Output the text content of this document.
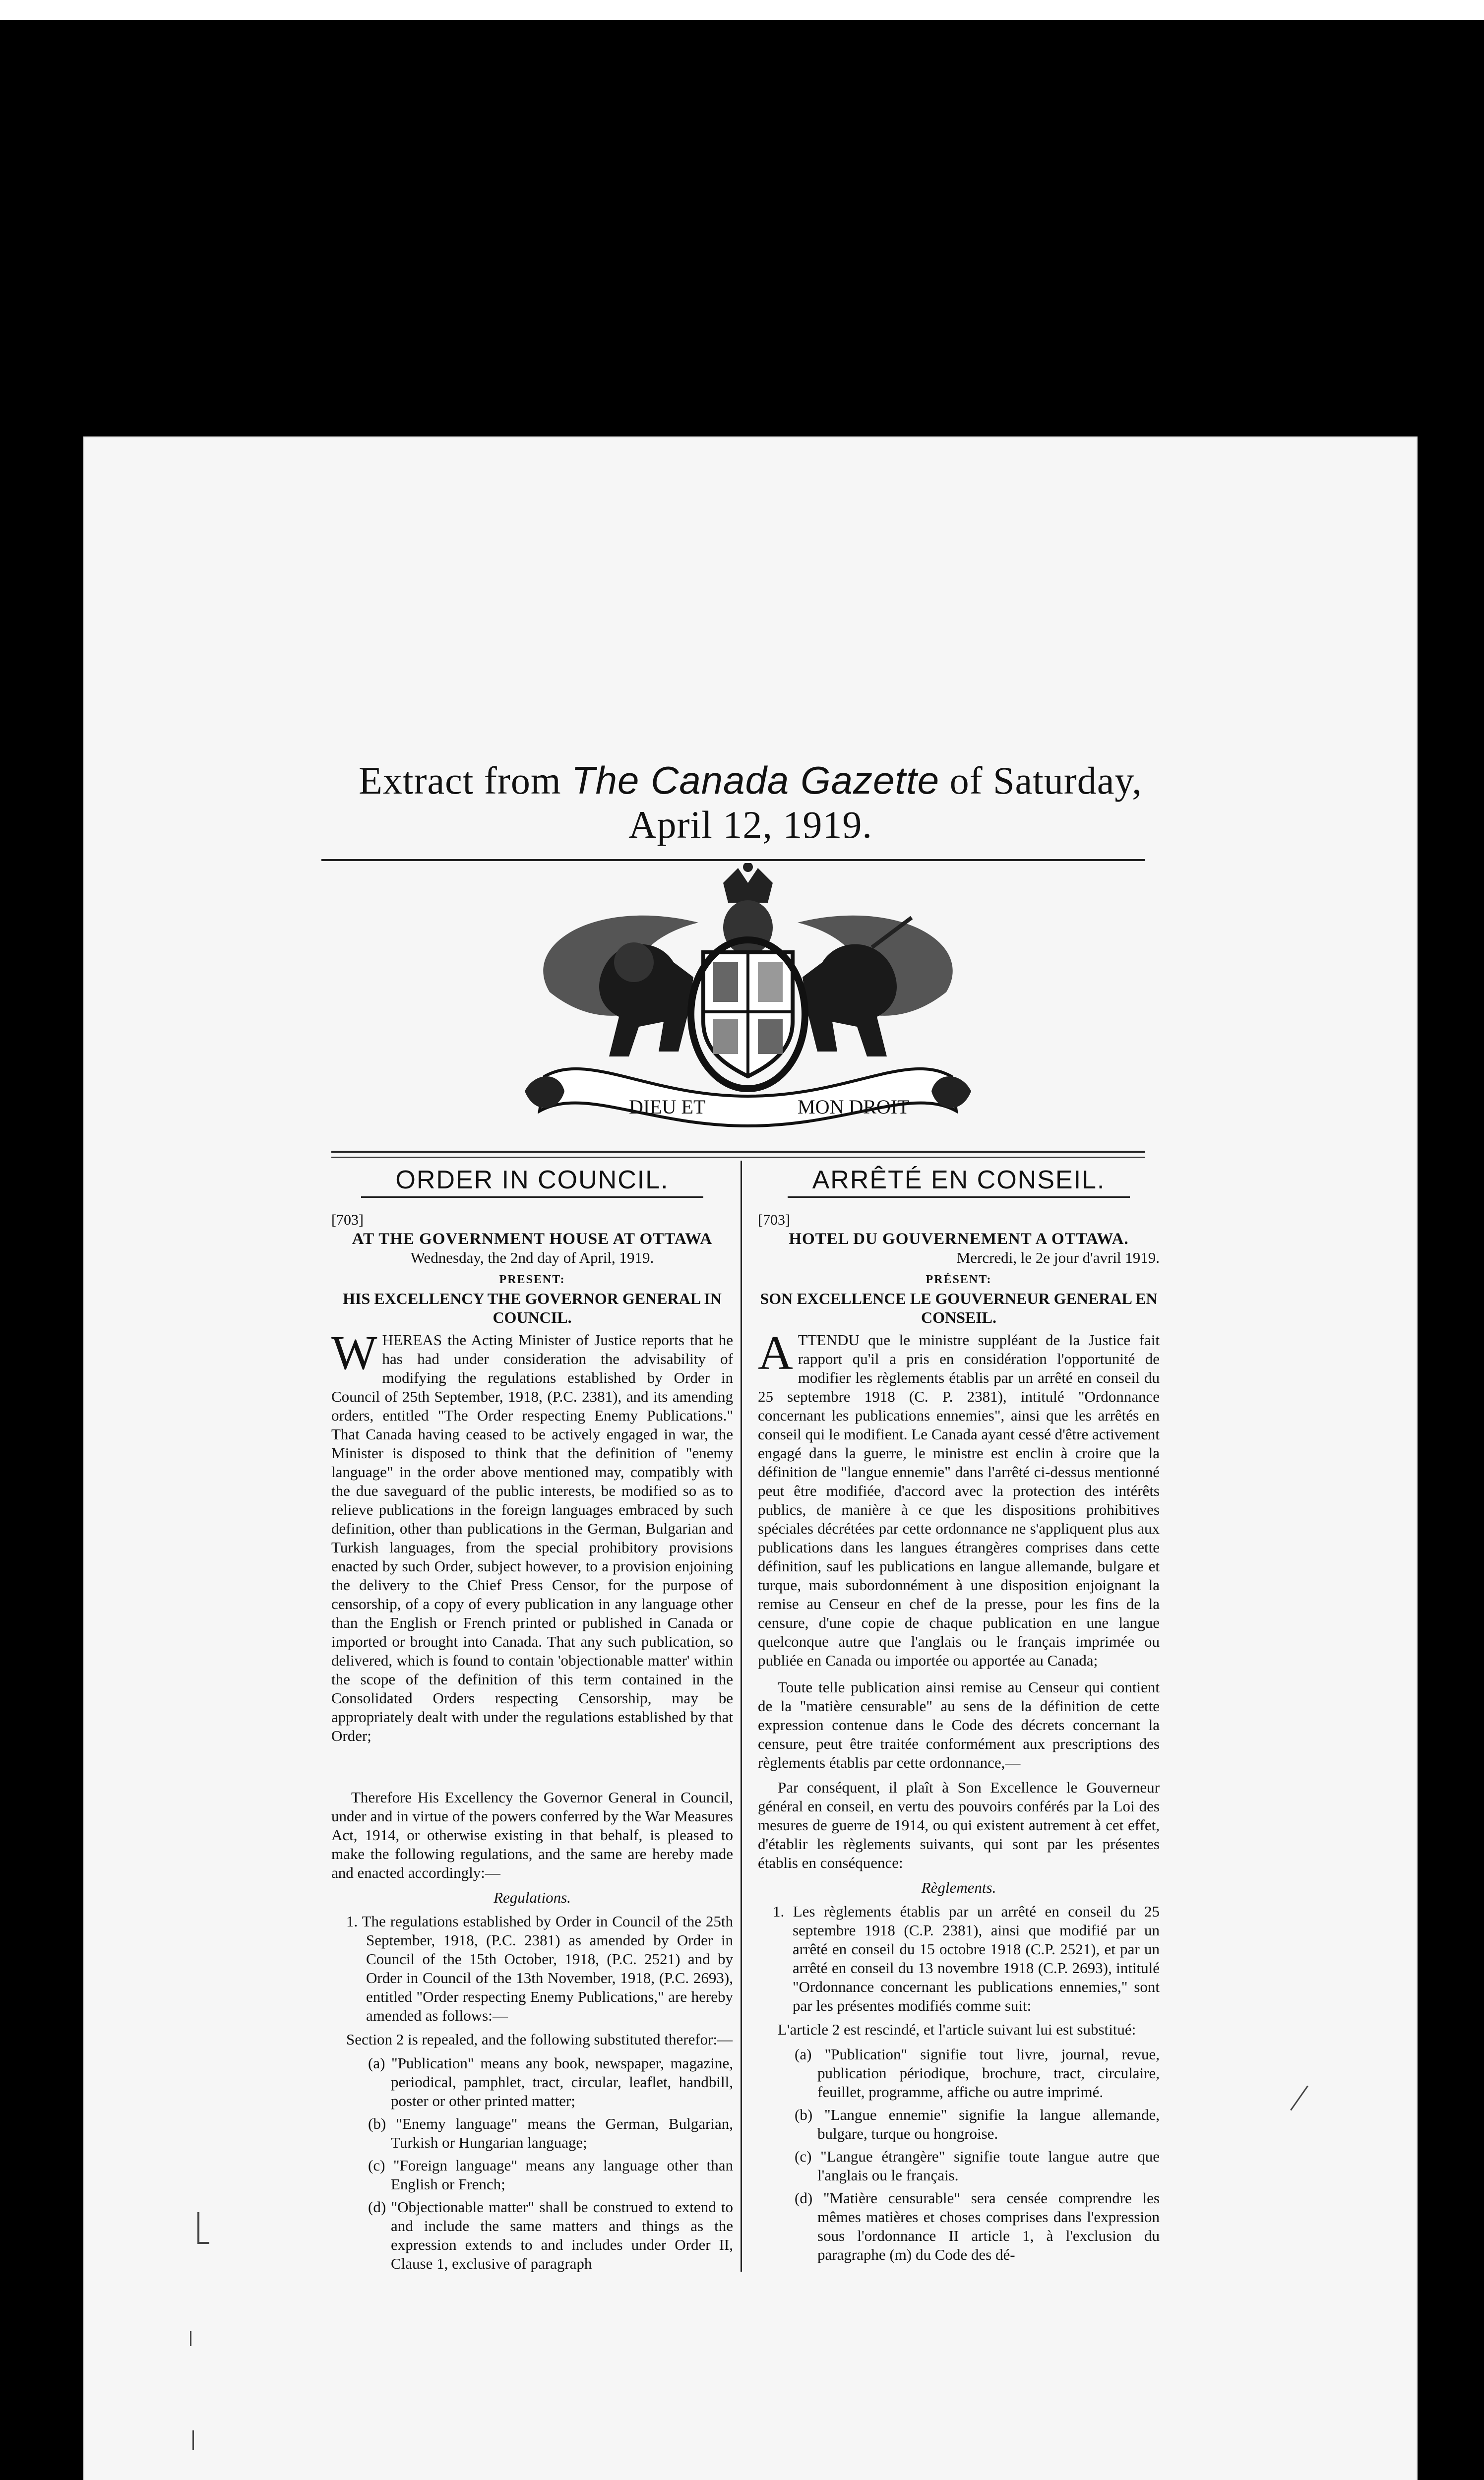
Extract from The Canada Gazette of Saturday,
April 12, 1919.
DIEU ET	MON DROIT
ORDER IN COUNCIL.

[703]

AT THE GOVERNMENT HOUSE AT OTTAWA

Wednesday, the 2nd day of April, 1919.

PRESENT:

HIS EXCELLENCY THE GOVERNOR GENERAL IN COUNCIL.

WHEREAS the Acting Minister of Justice reports that he has had under consideration the advisability of modifying the regulations established by Order in Council of 25th September, 1918, (P.C. 2381), and its amending orders, entitled "The Order respecting Enemy Publications." That Canada having ceased to be actively engaged in war, the Minister is disposed to think that the definition of "enemy language" in the order above mentioned may, compatibly with the due saveguard of the public interests, be modified so as to relieve publications in the foreign languages embraced by such definition, other than publications in the German, Bulgarian and Turkish languages, from the special prohibitory provisions enacted by such Order, subject however, to a provision enjoining the delivery to the Chief Press Censor, for the purpose of censorship, of a copy of every publication in any language other than the English or French printed or published in Canada or imported or brought into Canada. That any such publication, so delivered, which is found to contain 'objectionable matter' within the scope of the definition of this term contained in the Consolidated Orders respecting Censorship, may be appropriately dealt with under the regulations established by that Order;

Therefore His Excellency the Governor General in Council, under and in virtue of the powers conferred by the War Measures Act, 1914, or otherwise existing in that behalf, is pleased to make the following regulations, and the same are hereby made and enacted accordingly:—

Regulations.

1. The regulations established by Order in Council of the 25th September, 1918, (P.C. 2381) as amended by Order in Council of the 15th October, 1918, (P.C. 2521) and by Order in Council of the 13th November, 1918, (P.C. 2693), entitled "Order respecting Enemy Publications," are hereby amended as follows:—

Section 2 is repealed, and the following substituted therefor:—

(a) "Publication" means any book, newspaper, magazine, periodical, pamphlet, tract, circular, leaflet, handbill, poster or other printed matter;

(b) "Enemy language" means the German, Bulgarian, Turkish or Hungarian language;

(c) "Foreign language" means any language other than English or French;

(d) "Objectionable matter" shall be construed to extend to and include the same matters and things as the expression extends to and includes under Order II, Clause 1, exclusive of paragraph

ARRÊTÉ EN CONSEIL.

[703]

HOTEL DU GOUVERNEMENT A OTTAWA.

Mercredi, le 2e jour d'avril 1919.

PRÉSENT:

SON EXCELLENCE LE GOUVERNEUR GENERAL EN CONSEIL.

ATTENDU que le ministre suppléant de la Justice fait rapport qu'il a pris en considération l'opportunité de modifier les règlements établis par un arrêté en conseil du 25 septembre 1918 (C. P. 2381), intitulé "Ordonnance concernant les publications ennemies", ainsi que les arrêtés en conseil qui le modifient. Le Canada ayant cessé d'être activement engagé dans la guerre, le ministre est enclin à croire que la définition de "langue ennemie" dans l'arrêté ci-dessus mentionné peut être modifiée, d'accord avec la protection des intérêts publics, de manière à ce que les dispositions prohibitives spéciales décrétées par cette ordonnance ne s'appliquent plus aux publications dans les langues étrangères comprises dans cette définition, sauf les publications en langue allemande, bulgare et turque, mais subordonnément à une disposition enjoignant la remise au Censeur en chef de la presse, pour les fins de la censure, d'une copie de chaque publication en une langue quelconque autre que l'anglais ou le français imprimée ou publiée en Canada ou importée ou apportée au Canada;

Toute telle publication ainsi remise au Censeur qui contient de la "matière censurable" au sens de la définition de cette expression contenue dans le Code des décrets concernant la censure, peut être traitée conformément aux prescriptions des règlements établis par cette ordonnance,—

Par conséquent, il plaît à Son Excellence le Gouverneur général en conseil, en vertu des pouvoirs conférés par la Loi des mesures de guerre de 1914, ou qui existent autrement à cet effet, d'établir les règlements suivants, qui sont par les présentes établis en conséquence:

Règlements.

1. Les règlements établis par un arrêté en conseil du 25 septembre 1918 (C.P. 2381), ainsi que modifié par un arrêté en conseil du 15 octobre 1918 (C.P. 2521), et par un arrêté en conseil du 13 novembre 1918 (C.P. 2693), intitulé "Ordonnance concernant les publications ennemies," sont par les présentes modifiés comme suit:

L'article 2 est rescindé, et l'article suivant lui est substitué:

(a) "Publication" signifie tout livre, journal, revue, publication périodique, brochure, tract, circulaire, feuillet, programme, affiche ou autre imprimé.

(b) "Langue ennemie" signifie la langue allemande, bulgare, turque ou hongroise.

(c) "Langue étrangère" signifie toute langue autre que l'anglais ou le français.

(d) "Matière censurable" sera censée comprendre les mêmes matières et choses comprises dans l'expression sous l'ordonnance II article 1, à l'exclusion du paragraphe (m) du Code des dé-
